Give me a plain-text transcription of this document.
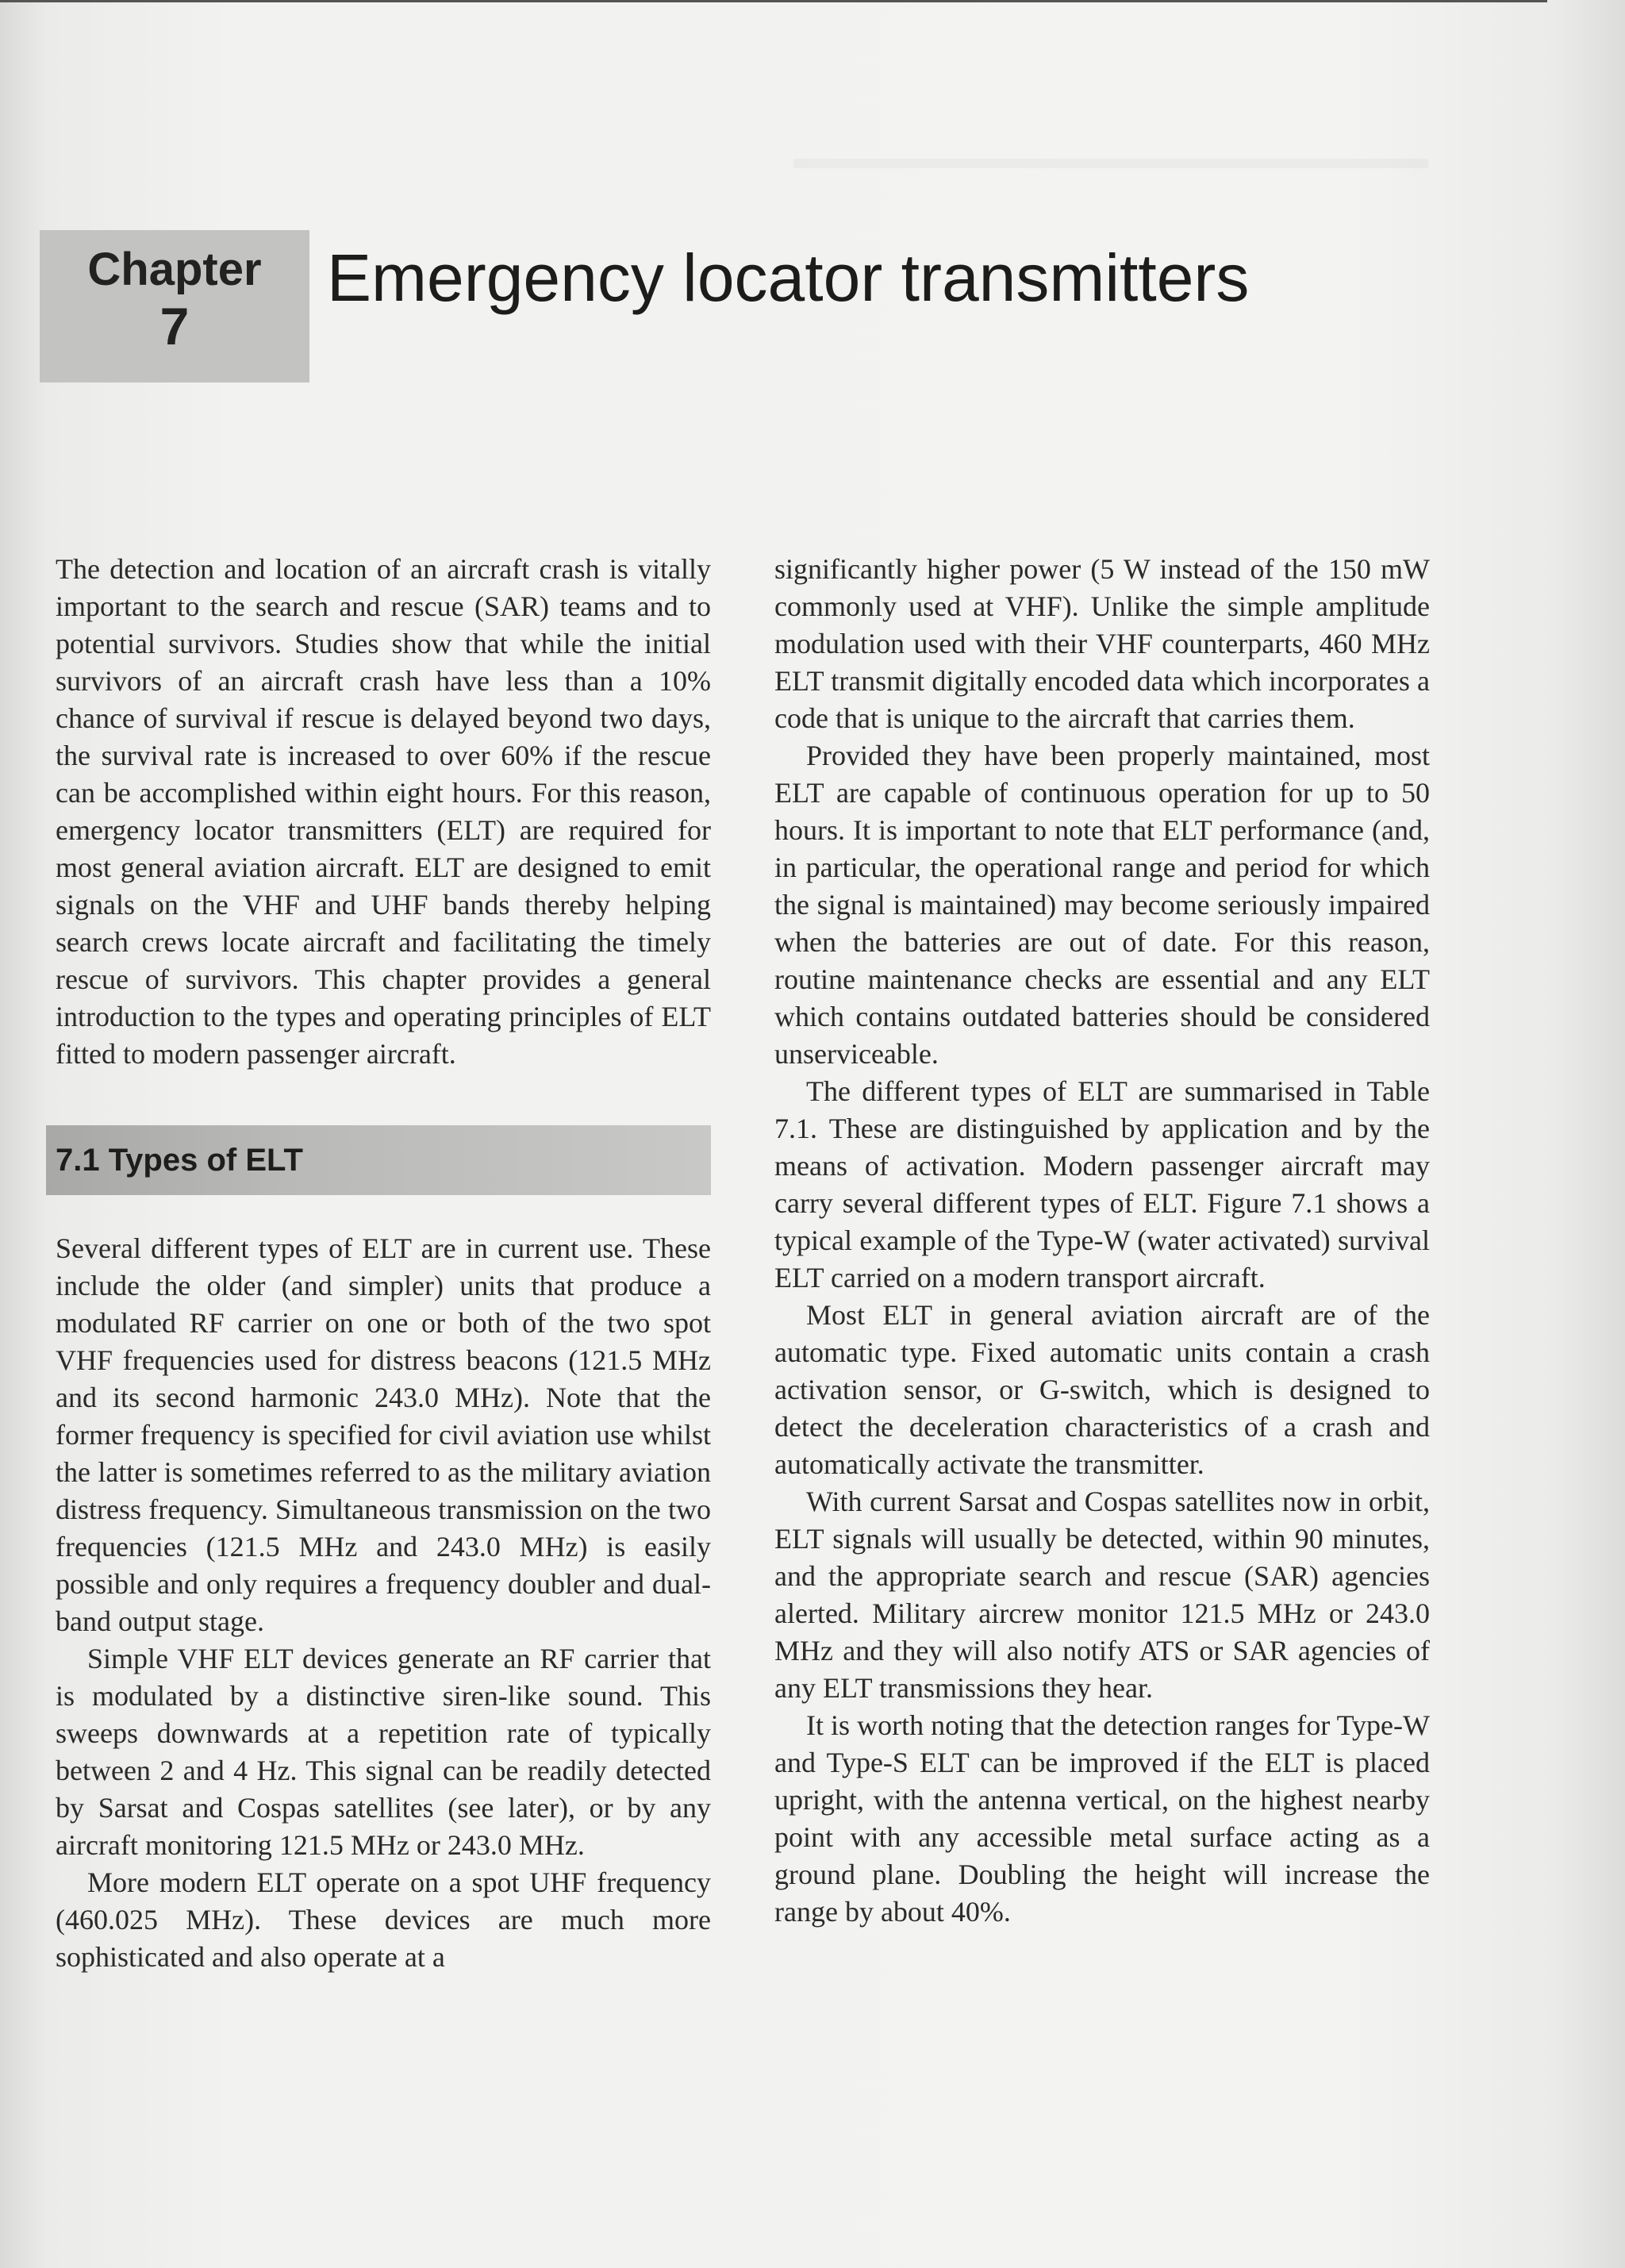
Chapter
7
Emergency locator transmitters

The detection and location of an aircraft crash is vitally important to the search and rescue (SAR) teams and to potential survivors. Studies show that while the initial survivors of an aircraft crash have less than a 10% chance of survival if rescue is delayed beyond two days, the survival rate is increased to over 60% if the rescue can be accomplished within eight hours. For this reason, emergency locator transmitters (ELT) are required for most general aviation aircraft. ELT are designed to emit signals on the VHF and UHF bands thereby helping search crews locate aircraft and facilitating the timely rescue of survivors. This chapter provides a general introduction to the types and operating principles of ELT fitted to modern passenger aircraft.

7.1 Types of ELT

Several different types of ELT are in current use. These include the older (and simpler) units that produce a modulated RF carrier on one or both of the two spot VHF frequencies used for distress beacons (121.5 MHz and its second harmonic 243.0 MHz). Note that the former frequency is specified for civil aviation use whilst the latter is sometimes referred to as the military aviation distress frequency. Simultaneous transmission on the two frequencies (121.5 MHz and 243.0 MHz) is easily possible and only requires a frequency doubler and dual-band output stage.

Simple VHF ELT devices generate an RF carrier that is modulated by a distinctive siren-like sound. This sweeps downwards at a repetition rate of typically between 2 and 4 Hz. This signal can be readily detected by Sarsat and Cospas satellites (see later), or by any aircraft monitoring 121.5 MHz or 243.0 MHz.

More modern ELT operate on a spot UHF frequency (460.025 MHz). These devices are much more sophisticated and also operate at a

significantly higher power (5 W instead of the 150 mW commonly used at VHF). Unlike the simple amplitude modulation used with their VHF counterparts, 460 MHz ELT transmit digitally encoded data which incorporates a code that is unique to the aircraft that carries them.

Provided they have been properly maintained, most ELT are capable of continuous operation for up to 50 hours. It is important to note that ELT performance (and, in particular, the operational range and period for which the signal is maintained) may become seriously impaired when the batteries are out of date. For this reason, routine maintenance checks are essential and any ELT which contains outdated batteries should be considered unserviceable.

The different types of ELT are summarised in Table 7.1. These are distinguished by application and by the means of activation. Modern passenger aircraft may carry several different types of ELT. Figure 7.1 shows a typical example of the Type-W (water activated) survival ELT carried on a modern transport aircraft.

Most ELT in general aviation aircraft are of the automatic type. Fixed automatic units contain a crash activation sensor, or G-switch, which is designed to detect the deceleration characteristics of a crash and automatically activate the transmitter.

With current Sarsat and Cospas satellites now in orbit, ELT signals will usually be detected, within 90 minutes, and the appropriate search and rescue (SAR) agencies alerted. Military aircrew monitor 121.5 MHz or 243.0 MHz and they will also notify ATS or SAR agencies of any ELT transmissions they hear.

It is worth noting that the detection ranges for Type-W and Type-S ELT can be improved if the ELT is placed upright, with the antenna vertical, on the highest nearby point with any accessible metal surface acting as a ground plane. Doubling the height will increase the range by about 40%.
